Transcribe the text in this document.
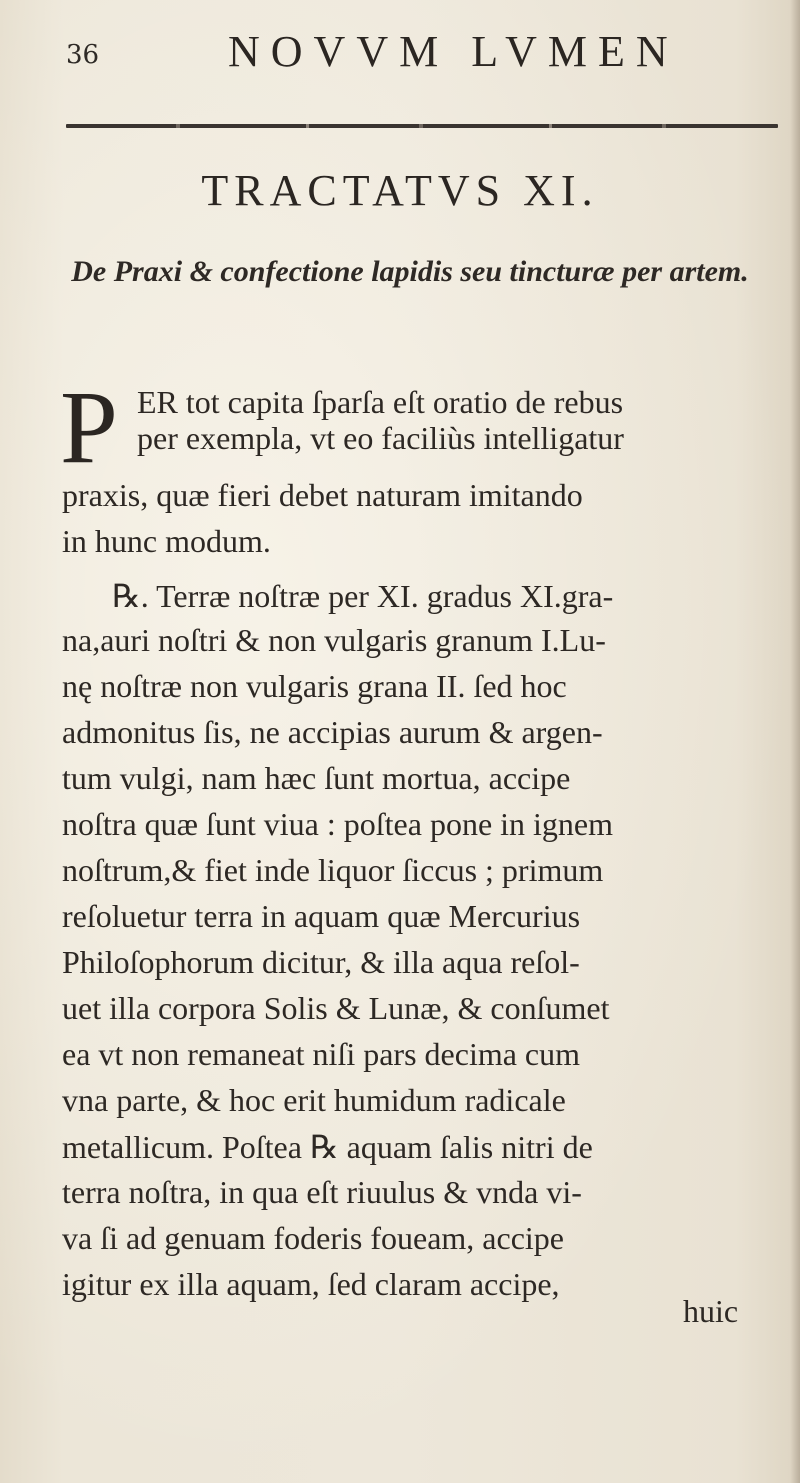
36	NOVVM LVMEN
TRACTATVS XI.
De Praxi & confectione lapidis seu tincturæ per artem.
P ER tot capita ſparſa eſt oratio de rebus
per exempla, vt eo faciliùs intelligatur
praxis, quæ fieri debet naturam imitando
in hunc modum.
℞. Terræ noſtræ per XI. gradus XI.gra-
na,auri noſtri & non vulgaris granum I.Lu-
nę noſtræ non vulgaris grana II. ſed hoc
admonitus ſis, ne accipias aurum & argen-
tum vulgi, nam hæc ſunt mortua, accipe
noſtra quæ ſunt viua : poſtea pone in ignem
noſtrum,& fiet inde liquor ſiccus ; primum
reſoluetur terra in aquam quæ Mercurius
Philoſophorum dicitur, & illa aqua reſol-
uet illa corpora Solis & Lunæ, & conſumet
ea vt non remaneat niſi pars decima cum
vna parte, & hoc erit humidum radicale
metallicum. Poſtea ℞ aquam ſalis nitri de
terra noſtra, in qua eſt riuulus & vnda vi-
va ſi ad genuam foderis foueam, accipe
igitur ex illa aquam, ſed claram accipe,
huic
